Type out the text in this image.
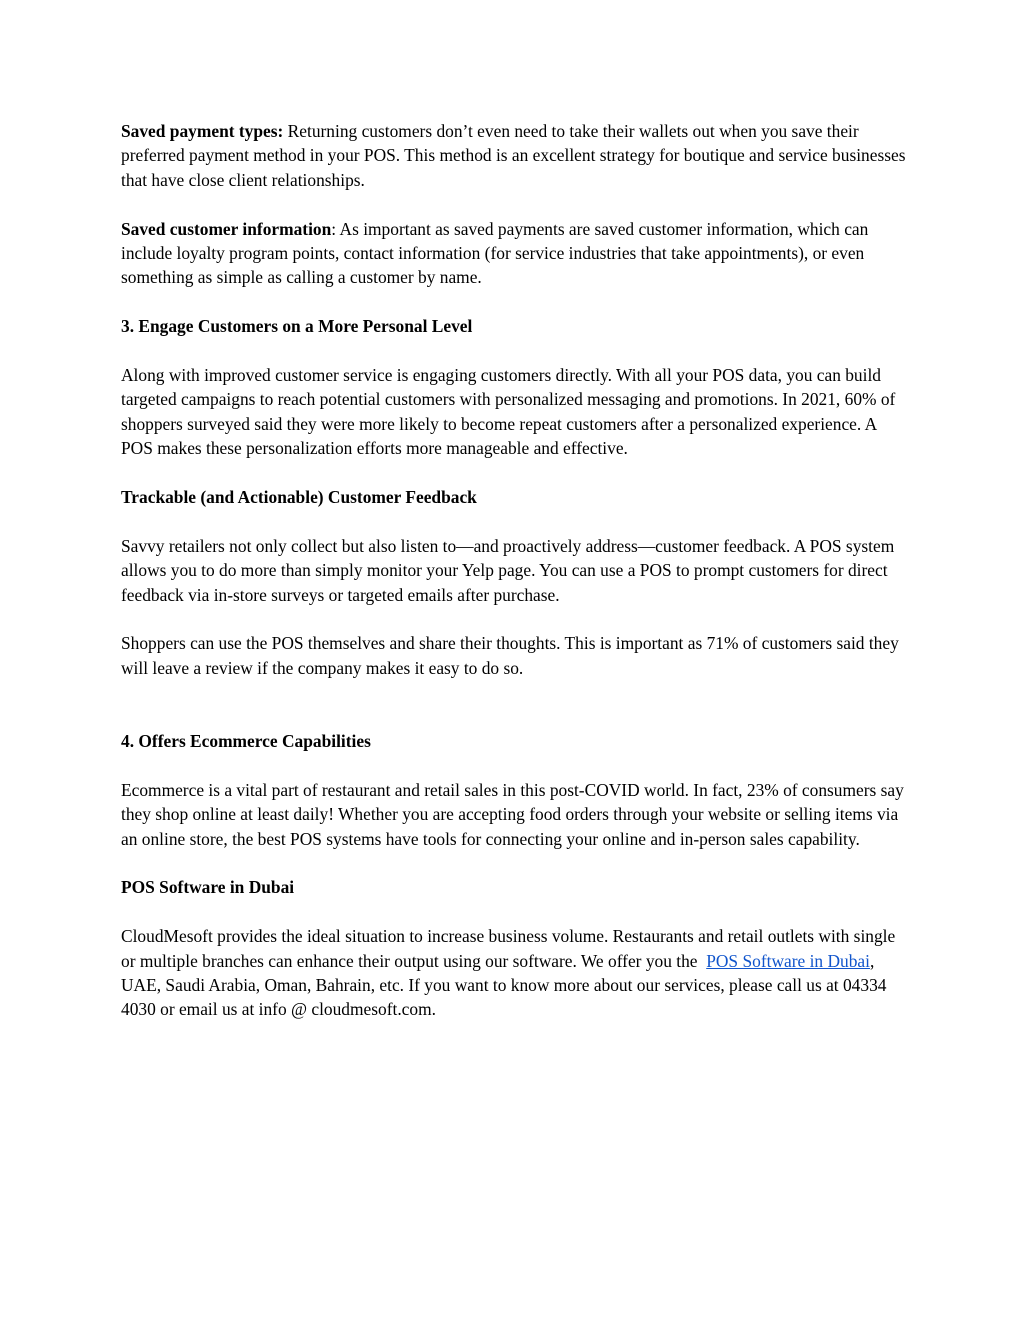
Saved payment types: Returning customers don’t even need to take their wallets out when you save their preferred payment method in your POS. This method is an excellent strategy for boutique and service businesses that have close client relationships.

Saved customer information: As important as saved payments are saved customer information, which can include loyalty program points, contact information (for service industries that take appointments), or even something as simple as calling a customer by name.

3. Engage Customers on a More Personal Level

Along with improved customer service is engaging customers directly. With all your POS data, you can build targeted campaigns to reach potential customers with personalized messaging and promotions. In 2021, 60% of shoppers surveyed said they were more likely to become repeat customers after a personalized experience. A POS makes these personalization efforts more manageable and effective.

Trackable (and Actionable) Customer Feedback

Savvy retailers not only collect but also listen to—and proactively address—customer feedback. A POS system allows you to do more than simply monitor your Yelp page. You can use a POS to prompt customers for direct feedback via in-store surveys or targeted emails after purchase.

Shoppers can use the POS themselves and share their thoughts. This is important as 71% of customers said they will leave a review if the company makes it easy to do so.

4. Offers Ecommerce Capabilities

Ecommerce is a vital part of restaurant and retail sales in this post-COVID world. In fact, 23% of consumers say they shop online at least daily! Whether you are accepting food orders through your website or selling items via an online store, the best POS systems have tools for connecting your online and in-person sales capability.

POS Software in Dubai

CloudMesoft provides the ideal situation to increase business volume. Restaurants and retail outlets with single or multiple branches can enhance their output using our software. We offer you the  POS Software in Dubai, UAE, Saudi Arabia, Oman, Bahrain, etc. If you want to know more about our services, please call us at 04334 4030 or email us at info @ cloudmesoft.com.
